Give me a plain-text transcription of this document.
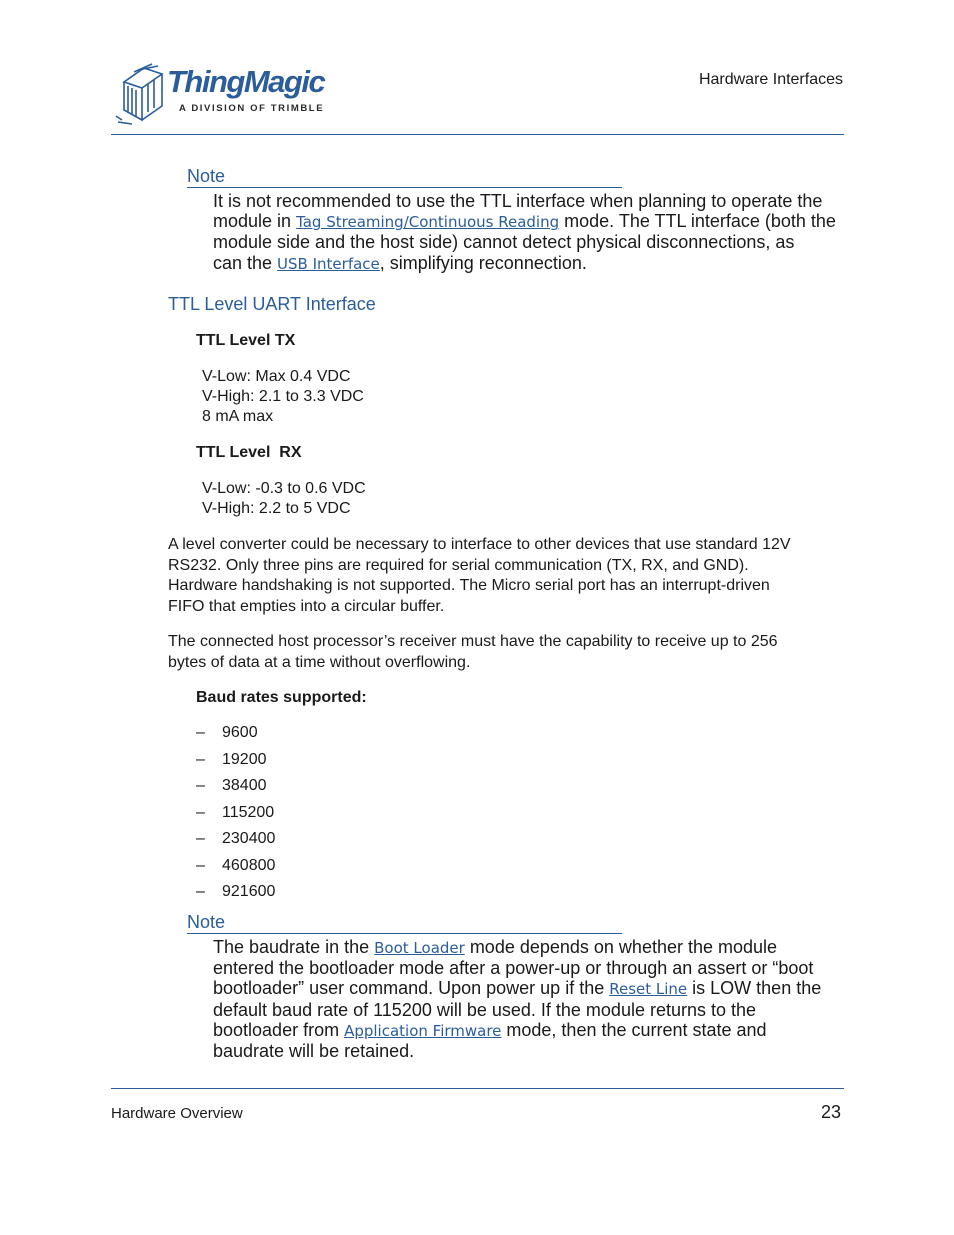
ThingMagic
A DIVISION OF TRIMBLE
Hardware Interfaces
Note
It is not recommended to use the TTL interface when planning to operate the
module in Tag Streaming/Continuous Reading mode. The TTL interface (both the
module side and the host side) cannot detect physical disconnections, as
can the USB Interface, simplifying reconnection.
TTL Level UART Interface
TTL Level TX
V-Low: Max 0.4 VDC
V-High: 2.1 to 3.3 VDC
8 mA max
TTL Level  RX
V-Low: -0.3 to 0.6 VDC
V-High: 2.2 to 5 VDC
A level converter could be necessary to interface to other devices that use standard 12V
RS232. Only three pins are required for serial communication (TX, RX, and GND).
Hardware handshaking is not supported. The Micro serial port has an interrupt-driven
FIFO that empties into a circular buffer.
The connected host processor’s receiver must have the capability to receive up to 256
bytes of data at a time without overflowing.
Baud rates supported:
–	9600
–	19200
–	38400
–	115200
–	230400
–	460800
–	921600
Note
The baudrate in the Boot Loader mode depends on whether the module
entered the bootloader mode after a power-up or through an assert or “boot
bootloader” user command. Upon power up if the Reset Line is LOW then the
default baud rate of 115200 will be used. If the module returns to the
bootloader from Application Firmware mode, then the current state and
baudrate will be retained.
Hardware Overview	23
